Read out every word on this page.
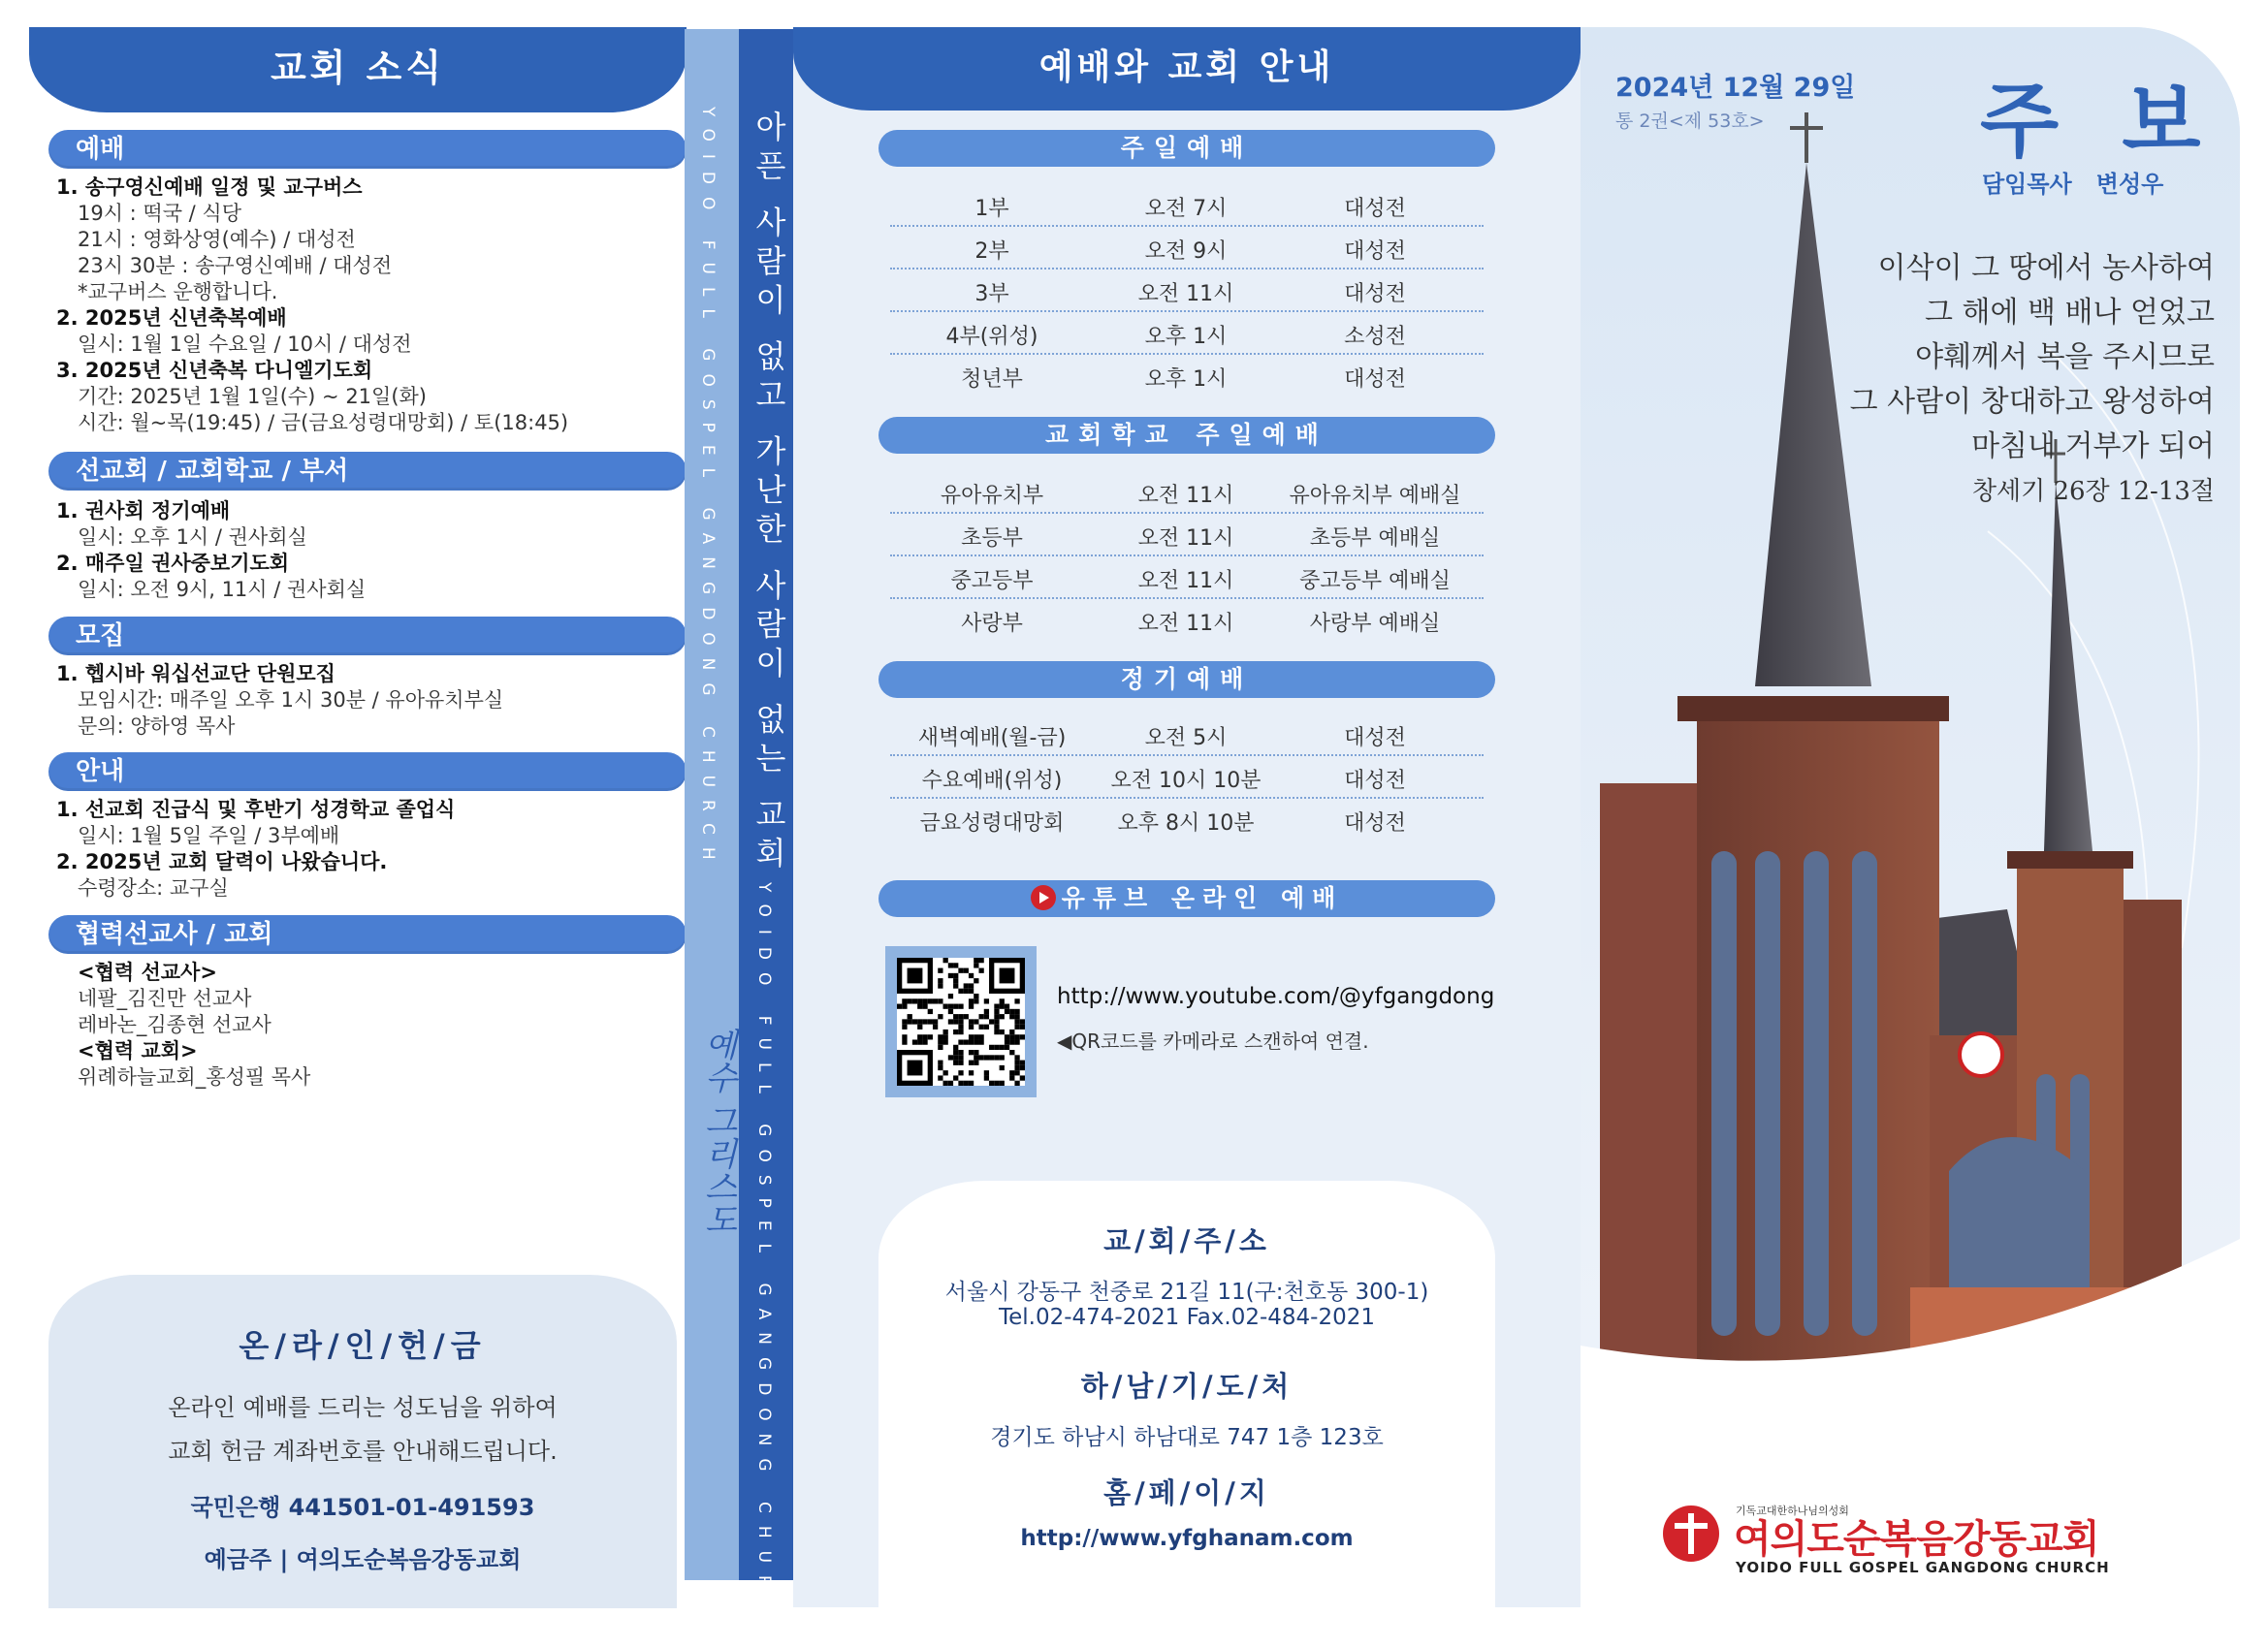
교회 소식
예배
1. 송구영신예배 일정 및 교구버스
19시 : 떡국 / 식당
21시 : 영화상영(예수) / 대성전
23시 30분 : 송구영신예배 / 대성전
*교구버스 운행합니다.
2. 2025년 신년축복예배
일시: 1월 1일 수요일 / 10시 / 대성전
3. 2025년 신년축복 다니엘기도회
기간: 2025년 1월 1일(수) ~ 21일(화)
시간: 월~목(19:45) / 금(금요성령대망회) / 토(18:45)
선교회 / 교회학교 / 부서
1. 권사회 정기예배
일시: 오후 1시 / 권사회실
2. 매주일 권사중보기도회
일시: 오전 9시, 11시 / 권사회실
모집
1. 헵시바 워십선교단 단원모집
모임시간: 매주일 오후 1시 30분 / 유아유치부실
문의: 양하영 목사
안내
1. 선교회 진급식 및 후반기 성경학교 졸업식
일시: 1월 5일 주일 / 3부예배
2. 2025년 교회 달력이 나왔습니다.
수령장소: 교구실
협력선교사 / 교회
<협력 선교사>
네팔_김진만 선교사
레바논_김종현 선교사
<협력 교회>
위례하늘교회_홍성필 목사
온/라/인/헌/금
온라인 예배를 드리는 성도님을 위하여
교회 헌금 계좌번호를 안내해드립니다.
국민은행 441501-01-491593
예금주 | 여의도순복음강동교회
YOIDO FULL GOSPEL GANGDONG CHURCH
예수 그리스도
아픈 사람이 없고 가난한 사람이 없는 교회
YOIDO FULL GOSPEL GANGDONG CHURCH
예배와 교회 안내
주일예배
1부	오전 7시	대성전
2부	오전 9시	대성전
3부	오전 11시	대성전
4부(위성)	오후 1시	소성전
청년부	오후 1시	대성전
교회학교 주일예배
유아유치부	오전 11시	유아유치부 예배실
초등부	오전 11시	초등부 예배실
중고등부	오전 11시	중고등부 예배실
사랑부	오전 11시	사랑부 예배실
정기예배
새벽예배(월-금)	오전 5시	대성전
수요예배(위성)	오전 10시 10분	대성전
금요성령대망회	오후 8시 10분	대성전
유튜브 온라인 예배
http://www.youtube.com/@yfgangdong
◀QR코드를 카메라로 스캔하여 연결.
교/회/주/소
서울시 강동구 천중로 21길 11(구:천호동 300-1)
Tel.02-474-2021 Fax.02-484-2021
하/남/기/도/처
경기도 하남시 하남대로 747 1층 123호
홈/페/이/지
http://www.yfghanam.com
2024년 12월 29일
통 2권<제 53호>	주 보
담임목사   변성우
이삭이 그 땅에서 농사하여
그 해에 백 배나 얻었고
야훼께서 복을 주시므로
그 사람이 창대하고 왕성하여
마침내 거부가 되어
창세기 26장 12-13절
기독교대한하나님의성회
여의도순복음강동교회
YOIDO FULL GOSPEL GANGDONG CHURCH
